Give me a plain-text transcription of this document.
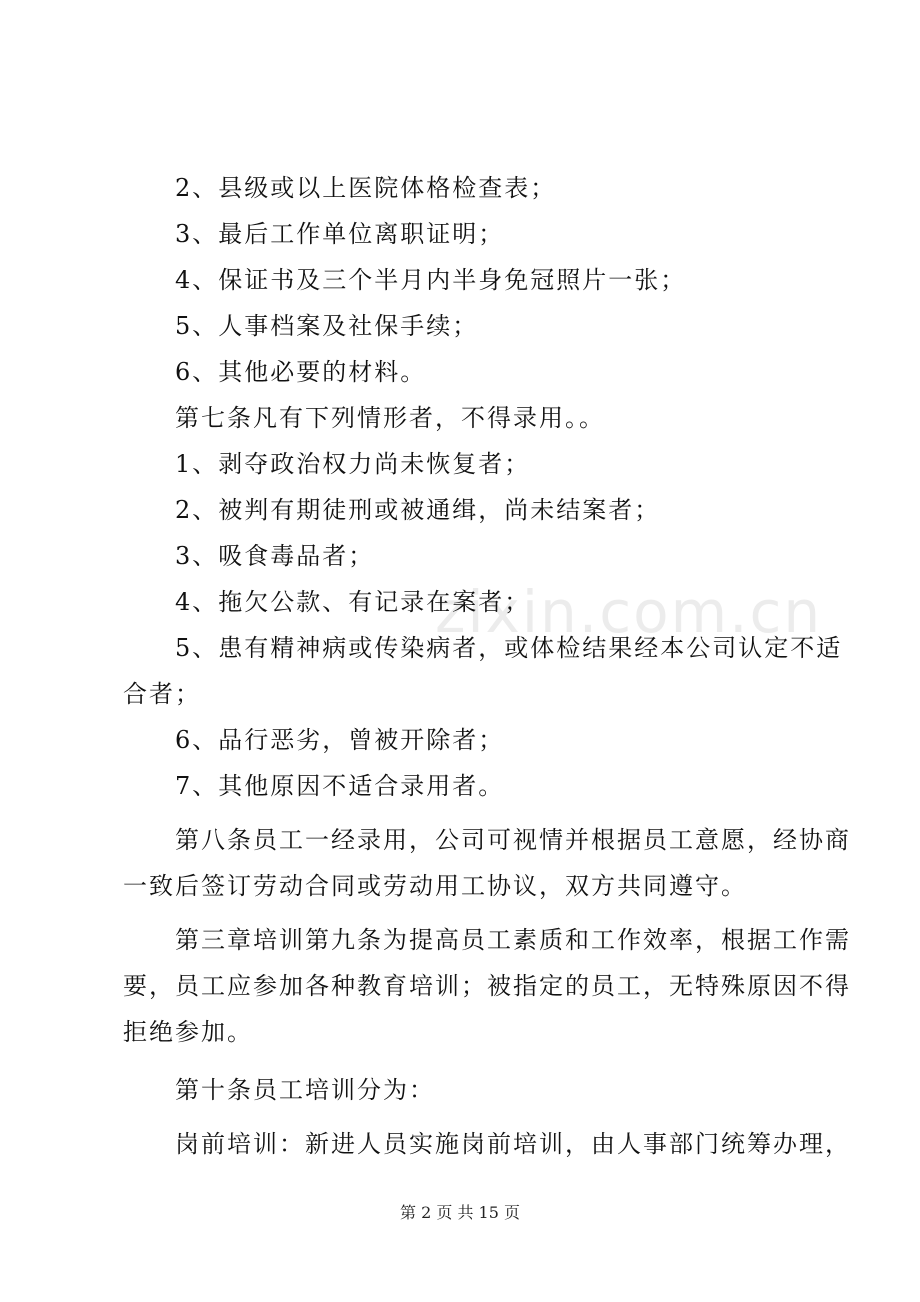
zixin.com.cn
2、县级或以上医院体格检查表；
3、最后工作单位离职证明；
4、保证书及三个半月内半身免冠照片一张；
5、人事档案及社保手续；
6、其他必要的材料。
第七条凡有下列情形者，不得录用。。
1、剥夺政治权力尚未恢复者；
2、被判有期徒刑或被通缉，尚未结案者；
3、吸食毒品者；
4、拖欠公款、有记录在案者；
5、患有精神病或传染病者，或体检结果经本公司认定不适
合者；
6、品行恶劣，曾被开除者；
7、其他原因不适合录用者。
第八条员工一经录用，公司可视情并根据员工意愿，经协商
一致后签订劳动合同或劳动用工协议，双方共同遵守。
第三章培训第九条为提高员工素质和工作效率，根据工作需
要，员工应参加各种教育培训；被指定的员工，无特殊原因不得
拒绝参加。
第十条员工培训分为：
岗前培训：新进人员实施岗前培训，由人事部门统筹办理，
第 2 页 共 15 页
